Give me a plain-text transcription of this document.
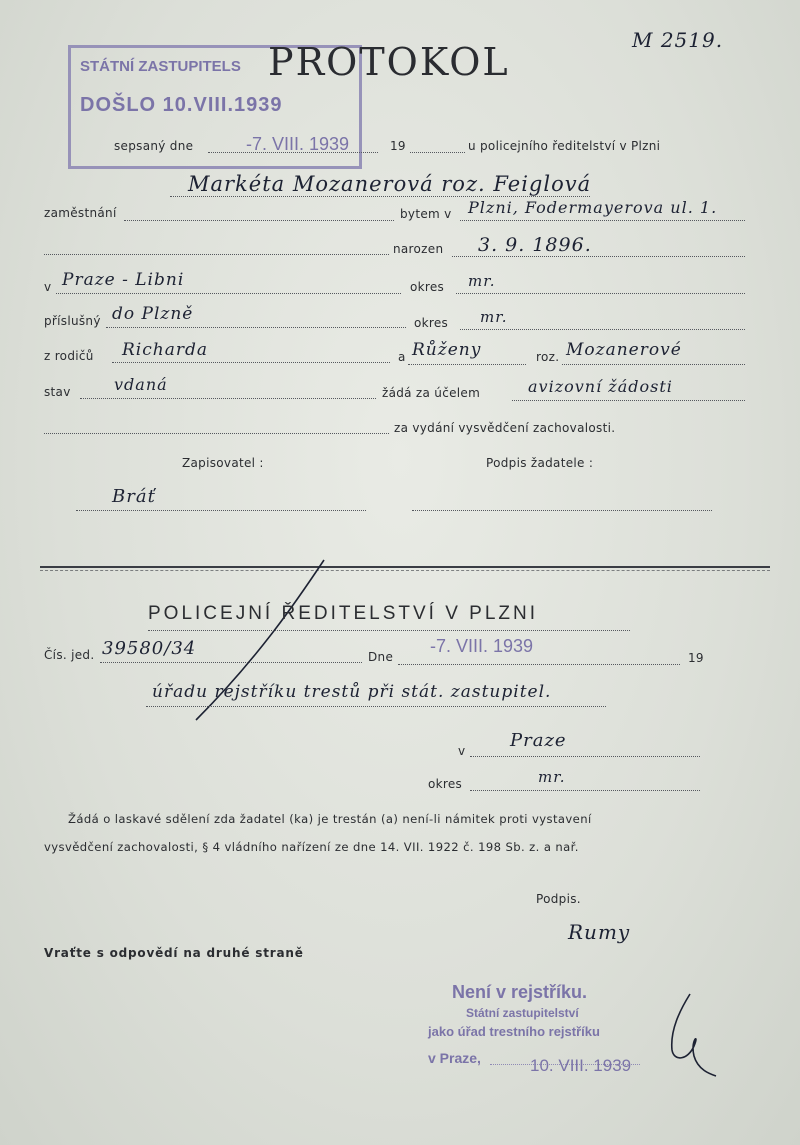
M 2519.
STÁTNÍ ZASTUPITELS
DOŠLO 10.VIII.1939
PROTOKOL
sepsaný dne	-7. VIII. 1939	19	u policejního ředitelství v Plzni
Markéta Mozanerová roz. Feiglová
zaměstnání	bytem v Plzni, Fodermayerova ul. 1.
narozen 3. 9. 1896.
v Praze - Libni	okres mr.
příslušný do Plzně	okres mr.
z rodičů Richarda	a Růženy	roz. Mozanerové
stav	vdaná	žádá za účelem	avizovní žádosti
za vydání vysvědčení zachovalosti.
Zapisovatel :	Podpis žadatele :
Bráť
POLICEJNÍ ŘEDITELSTVÍ V PLZNI
Čís. jed. 39580/34	Dne
-7. VIII. 1939
19
úřadu rejstříku trestů při stát. zastupitel.
v Praze
okres	mr.
Žádá o laskavé sdělení zda žadatel (ka) je trestán (a) není-li námitek proti vystavení
vysvědčení zachovalosti, § 4 vládního nařízení ze dne 14. VII. 1922 č. 198 Sb. z. a nař.
Podpis.
Rumy
Vraťte s odpovědí na druhé straně
Není v rejstříku.
Státní zastupitelství
jako úřad trestního rejstříku
v Praze,	10. VIII. 1939
